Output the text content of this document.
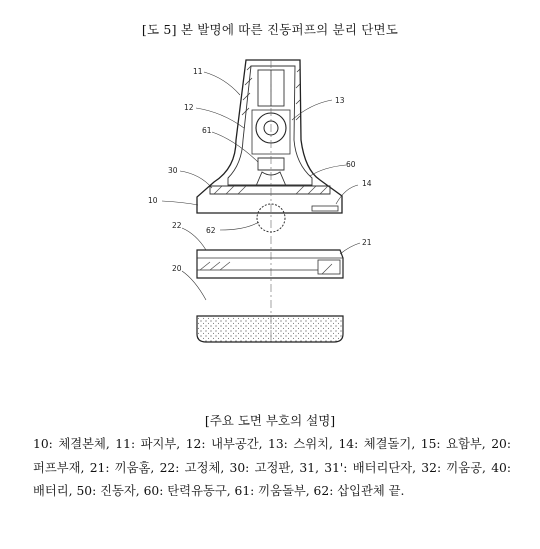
[도 5] 본 발명에 따른 진동퍼프의 분리 단면도
11
12
13
61
60
30
14
10
62
22
21
20
[주요 도면 부호의 설명]
10: 체결본체, 11: 파지부, 12: 내부공간, 13: 스위치, 14: 체결돌기, 15: 요함부, 20: 퍼프부재, 21: 끼움홈, 22: 고정체, 30: 고정판, 31, 31': 배터리단자, 32: 끼움공, 40: 배터리, 50: 진동자, 60: 탄력유동구, 61: 끼움돌부, 62: 삽입관체 끝.
